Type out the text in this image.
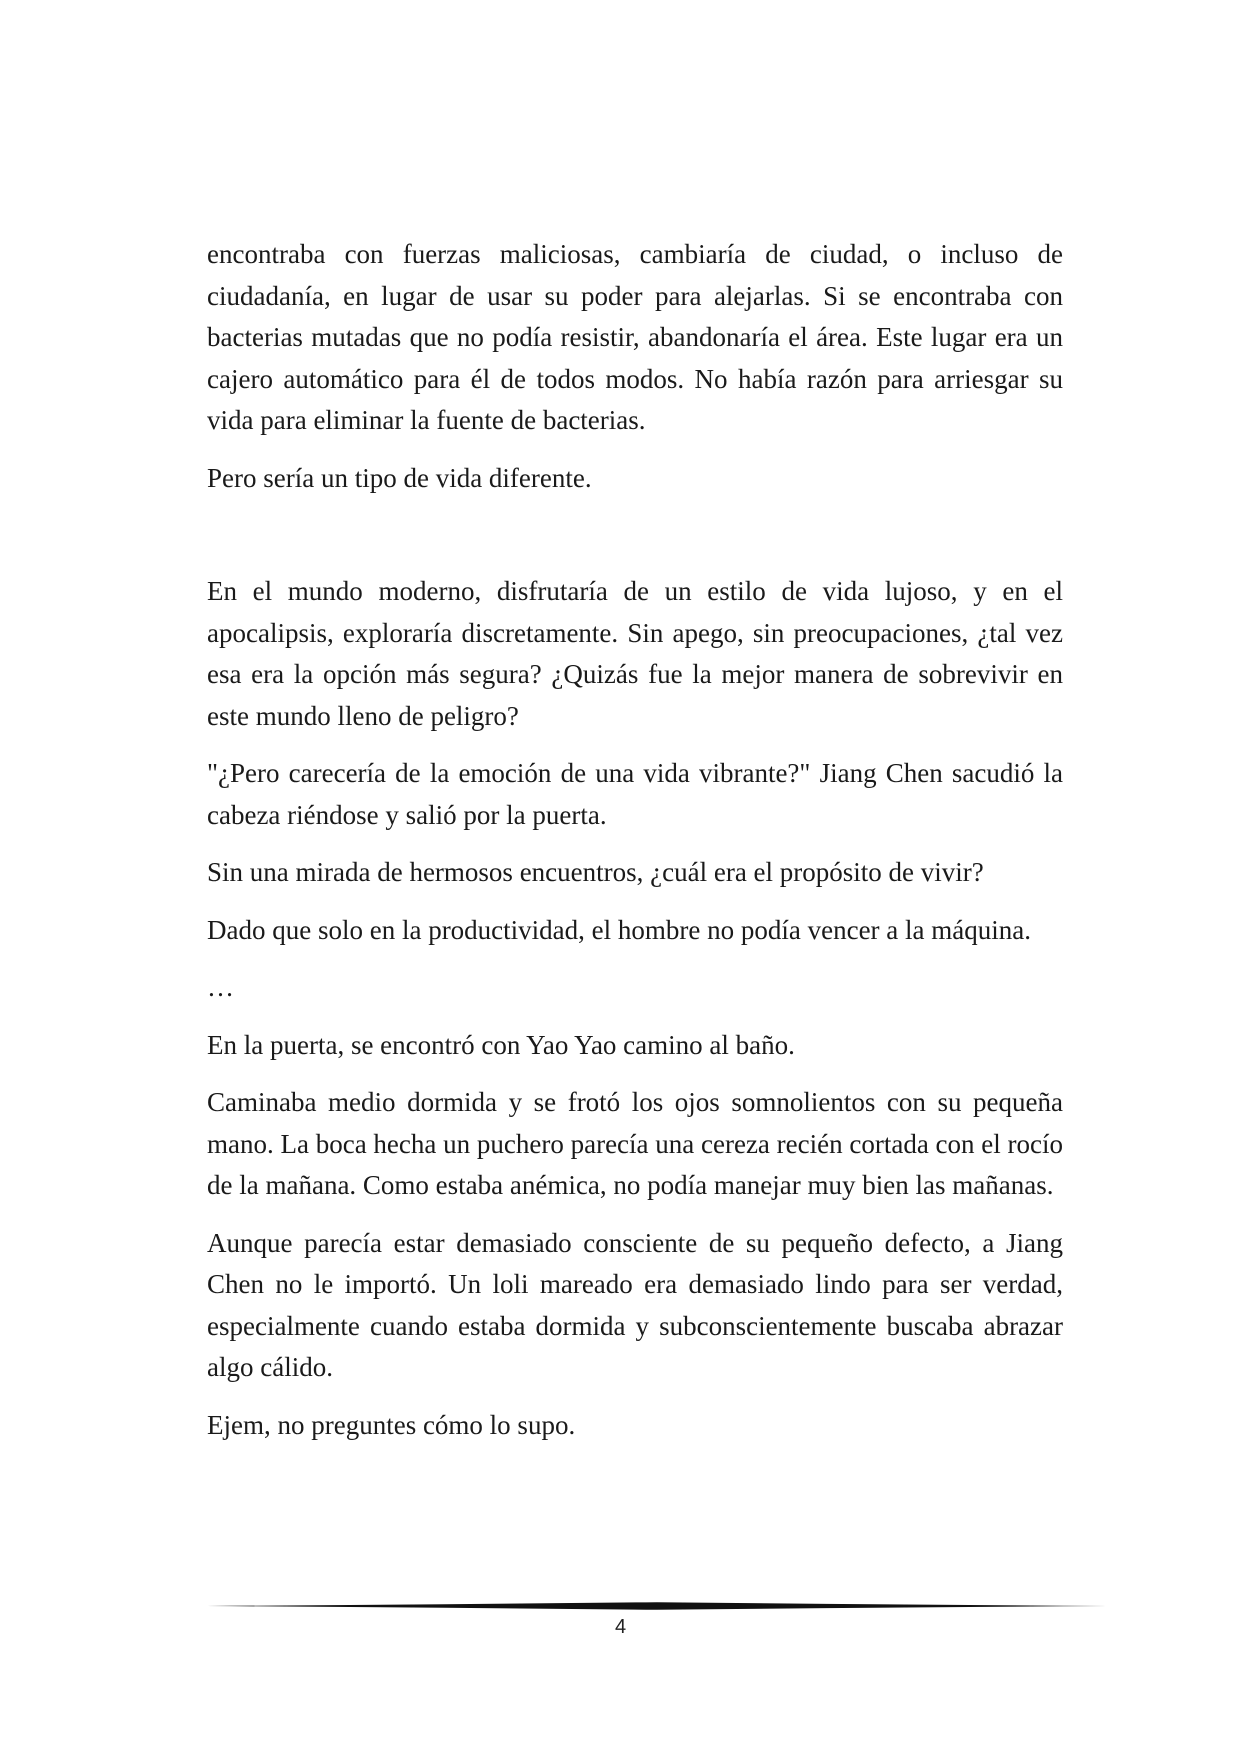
encontraba con fuerzas maliciosas, cambiaría de ciudad, o incluso de ciudadanía, en lugar de usar su poder para alejarlas. Si se encontraba con bacterias mutadas que no podía resistir, abandonaría el área. Este lugar era un cajero automático para él de todos modos. No había razón para arriesgar su vida para eliminar la fuente de bacterias.

Pero sería un tipo de vida diferente.

En el mundo moderno, disfrutaría de un estilo de vida lujoso, y en el apocalipsis, exploraría discretamente. Sin apego, sin preocupaciones, ¿tal vez esa era la opción más segura? ¿Quizás fue la mejor manera de sobrevivir en este mundo lleno de peligro?

"¿Pero carecería de la emoción de una vida vibrante?" Jiang Chen sacudió la cabeza riéndose y salió por la puerta.

Sin una mirada de hermosos encuentros, ¿cuál era el propósito de vivir?

Dado que solo en la productividad, el hombre no podía vencer a la máquina.

…

En la puerta, se encontró con Yao Yao camino al baño.

Caminaba medio dormida y se frotó los ojos somnolientos con su pequeña mano. La boca hecha un puchero parecía una cereza recién cortada con el rocío de la mañana. Como estaba anémica, no podía manejar muy bien las mañanas.

Aunque parecía estar demasiado consciente de su pequeño defecto, a Jiang Chen no le importó. Un loli mareado era demasiado lindo para ser verdad, especialmente cuando estaba dormida y subconscientemente buscaba abrazar algo cálido.

Ejem, no preguntes cómo lo supo.

4
